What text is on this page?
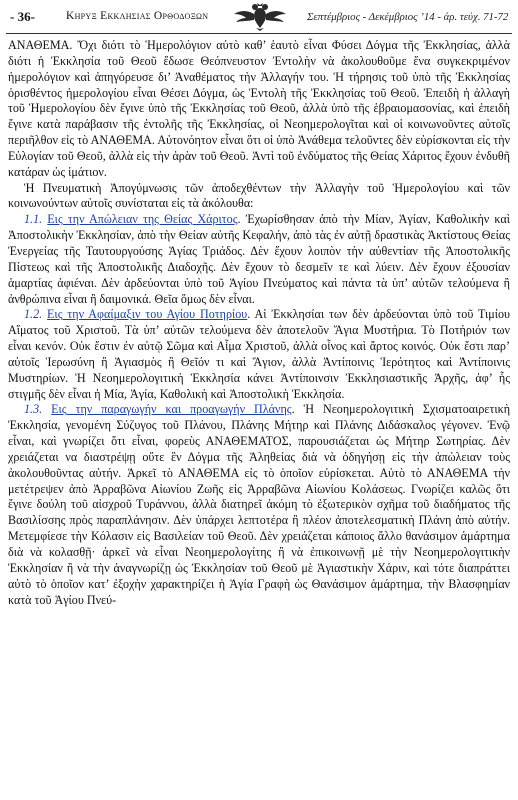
- 36-	Κηρυξ Εκκλησιασ Ορθοδοξων	Σεπτέμβριος - Δεκέμβριος ’14 - άρ. τεύχ. 71-72

ΑΝΑΘΕΜΑ. Ὄχι διότι τὸ Ἡμερολόγιον αὐτὸ καθ’ ἑαυτὸ εἶναι Φύσει Δόγμα τῆς Ἐκκλησίας, ἀλλὰ διότι ἡ Ἐκκλησία τοῦ Θεοῦ ἔδωσε Θεόπνευστον Ἐντολὴν νὰ ἀκολουθοῦμε ἕνα συγκεκριμένον ἡμερολόγιον καὶ ἀπηγόρευσε δι’ Ἀναθέματος τὴν Ἀλλαγήν του. Ἡ τήρησις τοῦ ὑπὸ τῆς Ἐκκλησίας ὁρισθέντος ἡμερολογίου εἶναι Θέσει Δόγμα, ὡς Ἐντολὴ τῆς Ἐκκλησίας τοῦ Θεοῦ. Ἐπειδὴ ἡ ἀλλαγὴ τοῦ Ἡμερολογίου δὲν ἔγινε ὑπὸ τῆς Ἐκκλησίας τοῦ Θεοῦ, ἀλλὰ ὑπὸ τῆς ἑβραιομασονίας, καὶ ἐπειδὴ ἔγινε κατὰ παράβασιν τῆς ἐντολῆς τῆς Ἐκκλησίας, οἱ Νεοημερολογῖται καὶ οἱ κοινωνοῦντες αὐτοῖς περιῆλθον εἰς τὸ ΑΝΑΘΕΜΑ. Αὐτονόητον εἶναι ὅτι οἱ ὑπὸ Ἀνάθεμα τελοῦντες δὲν εὑρίσκονται εἰς τὴν Εὐλογίαν τοῦ Θεοῦ, ἀλλὰ εἰς τὴν ἀρὰν τοῦ Θεοῦ. Ἀντὶ τοῦ ἐνδύματος τῆς Θείας Χάριτος ἔχουν ἐνδυθῆ κατάραν ὡς ἱμάτιον.

Ἡ Πνευματικὴ Ἀπογύμνωσις τῶν ἀποδεχθέντων τὴν Ἀλλαγὴν τοῦ Ἡμερολογίου καὶ τῶν κοινωνούντων αὐτοῖς συνίσταται εἰς τὰ ἀκόλουθα:

1.1. Εις την Απώλειαν της Θείας Χάριτος. Ἐχωρίσθησαν ἀπὸ τὴν Μίαν, Ἁγίαν, Καθολικὴν καὶ Ἀποστολικὴν Ἐκκλησίαν, ἀπὸ τὴν Θείαν αὐτῆς Κεφαλήν, ἀπὸ τὰς ἐν αὐτῇ δραστικὰς Ἀκτίστους Θείας Ἐνεργείας τῆς Ταυτουργούσης Ἁγίας Τριάδος. Δὲν ἔχουν λοιπὸν τὴν αὐθεντίαν τῆς Ἀποστολικῆς Πίστεως καὶ τῆς Ἀποστολικῆς Διαδοχῆς. Δὲν ἔχουν τὸ δεσμεῖν τε καὶ λύειν. Δὲν ἔχουν ἐξουσίαν ἁμαρτίας ἀφιέναι. Δὲν ἀρδεύονται ὑπὸ τοῦ Ἁγίου Πνεύματος καὶ πάντα τὰ ὑπ’ αὐτῶν τελούμενα ἢ ἀνθρώπινα εἶναι ἢ δαιμονικά. Θεῖα ὅμως δὲν εἶναι.

1.2. Εις την Αφαίμαξιν του Αγίου Ποτηρίου. Αἱ Ἐκκλησίαι των δὲν ἀρδεύονται ὑπὸ τοῦ Τιμίου Αἵματος τοῦ Χριστοῦ. Τὰ ὑπ’ αὐτῶν τελούμενα δὲν ἀποτελοῦν Ἅγια Μυστήρια. Τὸ Ποτήριόν των εἶναι κενόν. Οὐκ ἔστιν ἐν αὐτῷ Σῶμα καὶ Αἷμα Χριστοῦ, ἀλλὰ οἶνος καὶ ἄρτος κοινός. Οὐκ ἔστι παρ’ αὐτοῖς Ἱερωσύνη ἢ Ἁγιασμὸς ἢ Θεῖόν τι καὶ Ἅγιον, ἀλλὰ Ἀντίποινις Ἱερότητος καὶ Ἀντίποινις Μυστηρίων. Ἡ Νεοημερολογιτικὴ Ἐκκλησία κάνει Ἀντίποινσιν Ἐκκλησιαστικῆς Ἀρχῆς, ἀφ’ ἧς στιγμῆς δὲν εἶναι ἡ Μία, Ἁγία, Καθολικὴ καὶ Ἀποστολικὴ Ἐκκλησία.

1.3. Εις την παραγωγήν και προαγωγήν Πλάνης. Ἡ Νεοημερολογιτικὴ Σχισματοαιρετικὴ Ἐκκλησία, γενομένη Σύζυγος τοῦ Πλάνου, Πλάνης Μήτηρ καὶ Πλάνης Διδάσκαλος γέγονεν. Ἐνῷ εἶναι, καὶ γνωρίζει ὅτι εἶναι, φορεὺς ΑΝΑΘΕΜΑΤΟΣ, παρουσιάζεται ὡς Μήτηρ Σωτηρίας. Δὲν χρειάζεται να διαστρέψῃ οὔτε ἓν Δόγμα τῆς Ἀληθείας διὰ νὰ ὁδηγήσῃ εἰς τὴν ἀπώλειαν τοὺς ἀκολουθοῦντας αὐτήν. Ἀρκεῖ τὸ ΑΝΑΘΕΜΑ εἰς τὸ ὁποῖον εὑρίσκεται. Αὐτὸ τὸ ΑΝΑΘΕΜΑ τὴν μετέτρεψεν ἀπὸ Ἀρραβῶνα Αἰωνίου Ζωῆς εἰς Ἀρραβῶνα Αἰωνίου Κολάσεως. Γνωρίζει καλῶς ὅτι ἔγινε δούλη τοῦ αἰσχροῦ Τυράννου, ἀλλὰ διατηρεῖ ἀκόμη τὸ ἐξωτερικὸν σχῆμα τοῦ διαδήματος τῆς Βασιλίσσης πρὸς παραπλάνησιν. Δὲν ὑπάρχει λεπτοτέρα ἢ πλέον ἀποτελεσματικὴ Πλάνη ἀπὸ αὐτήν. Μετεμφίεσε τὴν Κόλασιν εἰς Βασιλείαν τοῦ Θεοῦ. Δὲν χρειάζεται κάποιος ἄλλο θανάσιμον ἁμάρτημα διὰ νὰ κολασθῇ· ἀρκεῖ νὰ εἶναι Νεοημερολογίτης ἢ νὰ ἐπικοινωνῇ μὲ τὴν Νεοημερολογιτικὴν Ἐκκλησίαν ἢ νὰ τὴν ἀναγνωρίζῃ ὡς Ἐκκλησίαν τοῦ Θεοῦ μὲ Ἁγιαστικὴν Χάριν, καὶ τότε διαπράττει αὐτὸ τὸ ὁποῖον κατ’ ἐξοχὴν χαρακτηρίζει ἡ Ἁγία Γραφὴ ὡς Θανάσιμον ἁμάρτημα, τὴν Βλασφημίαν κατὰ τοῦ Ἁγίου Πνεύ-
